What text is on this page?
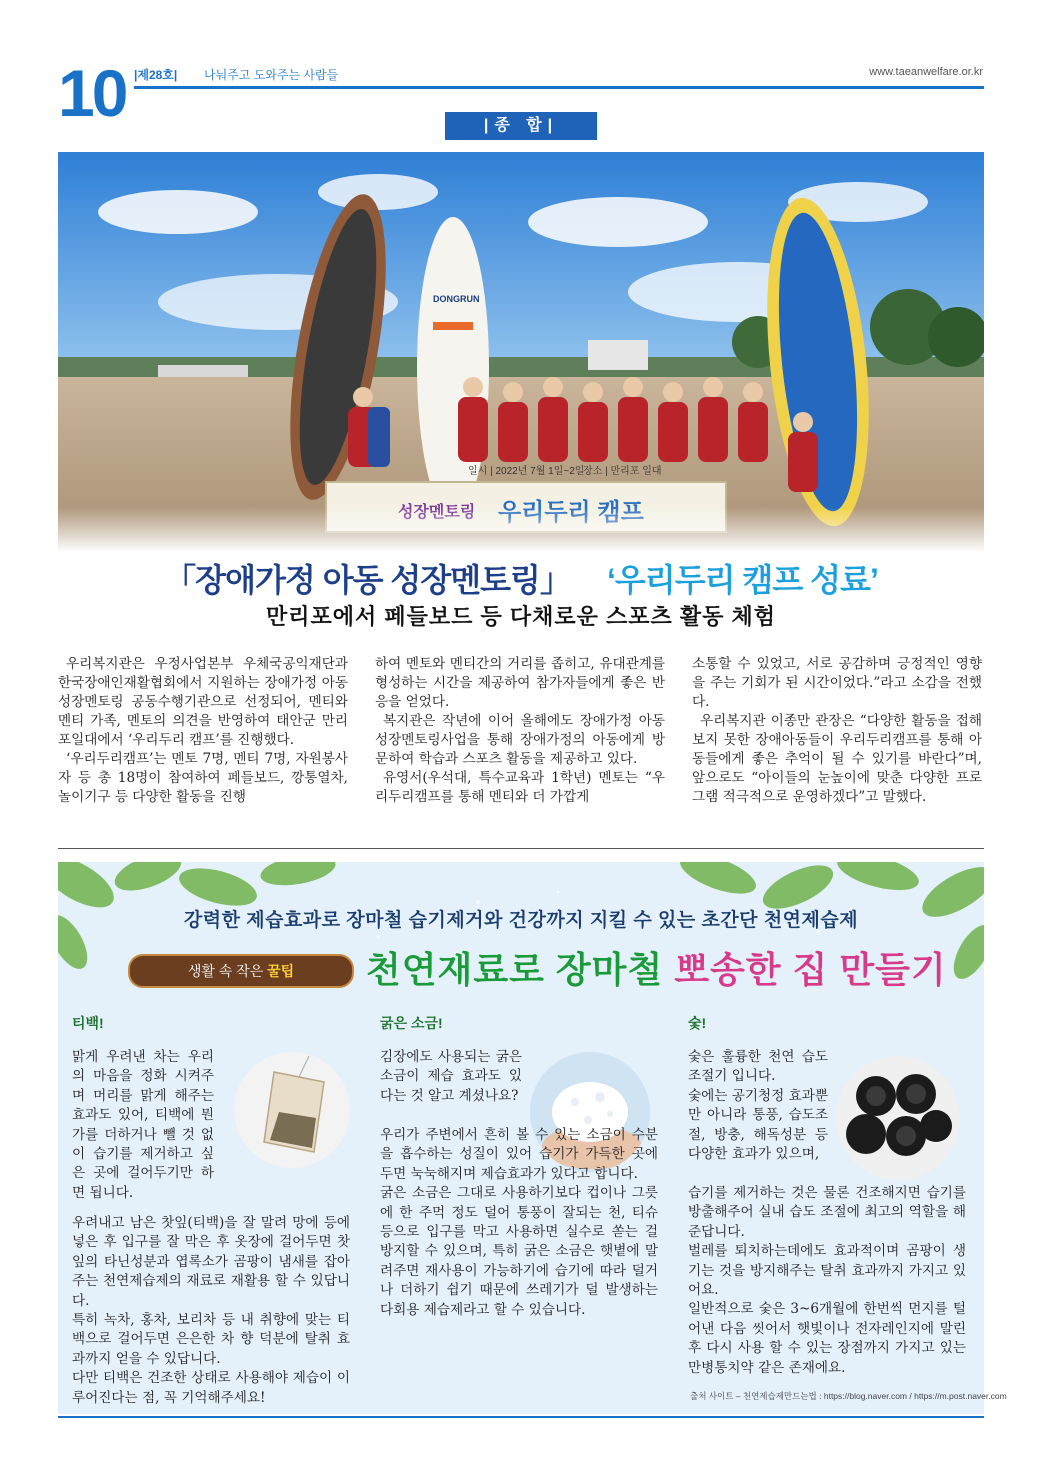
10 |제28호| 나눠주고 도와주는 사람들	www.taeanwelfare.or.kr
|종 합|
일시 | 2022년 7월 1일~2일
장소 | 만리포 일대
DONGRUN
「장애가정 아동 성장멘토링」 ‘우리두리 캠프 성료’
만리포에서 페들보드 등 다채로운 스포츠 활동 체험

우리복지관은 우정사업본부 우체국공익재단과 한국장애인재활협회에서 지원하는 장애가정 아동 성장멘토링 공동수행기관으로 선정되어, 멘티와 멘티 가족, 멘토의 의견을 반영하여 태안군 만리포일대에서 ‘우리두리 캠프’를 진행했다.

‘우리두리캠프’는 멘토 7명, 멘티 7명, 자원봉사자 등 총 18명이 참여하여 페들보드, 깡통열차, 놀이기구 등 다양한 활동을 진행

하여 멘토와 멘티간의 거리를 좁히고, 유대관계를 형성하는 시간을 제공하여 참가자들에게 좋은 반응을 얻었다.

복지관은 작년에 이어 올해에도 장애가정 아동 성장멘토링사업을 통해 장애가정의 아동에게 방문하여 학습과 스포츠 활동을 제공하고 있다.

유영서(우석대, 특수교육과 1학년) 멘토는 “우리두리캠프를 통해 멘티와 더 가깝게

소통할 수 있었고, 서로 공감하며 긍정적인 영향을 주는 기회가 된 시간이었다.”라고 소감을 전했다.

우리복지관 이종만 관장은 “다양한 활동을 접해보지 못한 장애아동들이 우리두리캠프를 통해 아동들에게 좋은 추억이 될 수 있기를 바란다”며, 앞으로도 “아이들의 눈높이에 맞춘 다양한 프로그램 적극적으로 운영하겠다”고 말했다.

강력한 제습효과로 장마철 습기제거와 건강까지 지킬 수 있는 초간단 천연제습제
생활 속 작은 꿀팁	천연재료로 장마철 뽀송한 집 만들기
티백!

맑게 우려낸 차는 우리의 마음을 정화 시켜주며 머리를 맑게 해주는 효과도 있어, 티백에 뭔가를 더하거나 뺄 것 없이 습기를 제거하고 싶은 곳에 걸어두기만 하면 됩니다.

우려내고 남은 찻잎(티백)을 잘 말려 망에 등에 넣은 후 입구를 잘 막은 후 옷장에 걸어두면 찻잎의 타닌성분과 엽록소가 곰팡이 냄새를 잡아주는 천연제습제의 재료로 재활용 할 수 있답니다.

특히 녹차, 홍차, 보리차 등 내 취향에 맞는 티백으로 걸어두면 은은한 차 향 덕분에 탈취 효과까지 얻을 수 있답니다.

다만 티백은 건조한 상태로 사용해야 제습이 이루어진다는 점, 꼭 기억해주세요!

굵은 소금!

김장에도 사용되는 굵은 소금이 제습 효과도 있다는 것 알고 계셨나요?

우리가 주변에서 흔히 볼 수 있는 소금이 수분을 흡수하는 성질이 있어 습기가 가득한 곳에 두면 눅눅해지며 제습효과가 있다고 합니다.

굵은 소금은 그대로 사용하기보다 컵이나 그릇에 한 주먹 정도 덜어 통풍이 잘되는 천, 티슈 등으로 입구를 막고 사용하면 실수로 쏟는 걸 방지할 수 있으며, 특히 굵은 소금은 햇볕에 말려주면 재사용이 가능하기에 습기에 따라 덜거나 더하기 쉽기 때문에 쓰레기가 덜 발생하는 다회용 제습제라고 할 수 있습니다.

숯!

숯은 훌륭한 천연 습도 조절기 입니다.

숯에는 공기청정 효과뿐만 아니라 통풍, 습도조절, 방충, 해독성분 등 다양한 효과가 있으며,

습기를 제거하는 것은 물론 건조해지면 습기를 방출해주어 실내 습도 조절에 최고의 역할을 해준답니다.

벌레를 퇴치하는데에도 효과적이며 곰팡이 생기는 것을 방지해주는 탈취 효과까지 가지고 있어요.

일반적으로 숯은 3~6개월에 한번씩 먼지를 털어낸 다음 씻어서 햇빛이나 전자레인지에 말린 후 다시 사용 할 수 있는 장점까지 가지고 있는 만병통치약 같은 존재에요.

출처 사이트 – 천연제습제만드는법 : https://blog.naver.com / https://m.post.naver.com
